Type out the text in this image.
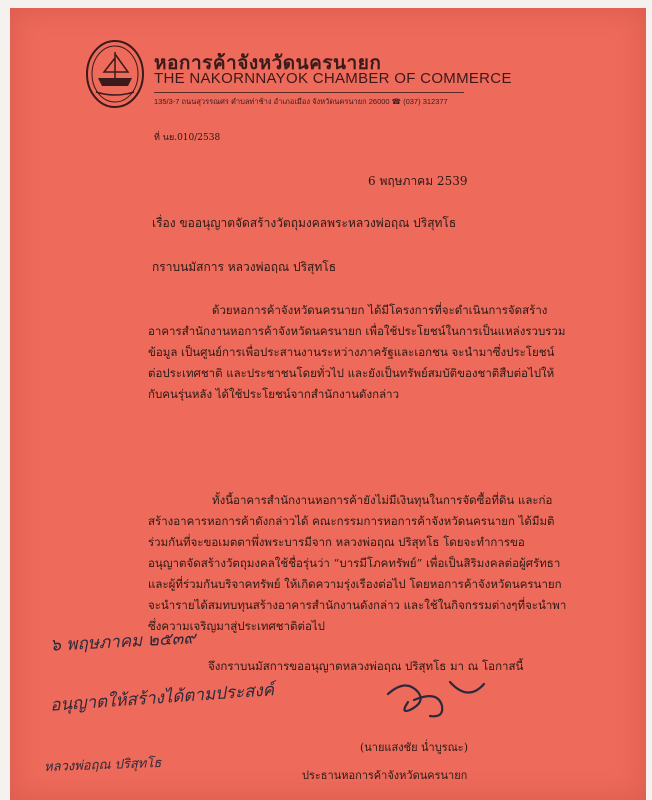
หอการค้าจังหวัดนครนายก
THE NAKORNNAYOK CHAMBER OF COMMERCE
135/3-7 ถนนสุวรรณศร ตำบลท่าช้าง อำเภอเมือง จังหวัดนครนายก 26000 ☎ (037) 312377
ที่ นย.010/2538
6 พฤษภาคม 2539
เรื่อง ขออนุญาตจัดสร้างวัตถุมงคลพระหลวงพ่อฤณ ปริสุทโธ
กราบนมัสการ หลวงพ่อฤณ ปริสุทโธ

ด้วยหอการค้าจังหวัดนครนายก ได้มีโครงการที่จะดำเนินการจัดสร้าง
อาคารสำนักงานหอการค้าจังหวัดนครนายก เพื่อใช้ประโยชน์ในการเป็นแหล่งรวบรวม
ข้อมูล เป็นศูนย์การเพื่อประสานงานระหว่างภาครัฐและเอกชน จะนำมาซึ่งประโยชน์
ต่อประเทศชาติ และประชาชนโดยทั่วไป และยังเป็นทรัพย์สมบัติของชาติสืบต่อไปให้
กับคนรุ่นหลัง ได้ใช้ประโยชน์จากสำนักงานดังกล่าว

ทั้งนี้อาคารสำนักงานหอการค้ายังไม่มีเงินทุนในการจัดซื้อที่ดิน และก่อ
สร้างอาคารหอการค้าดังกล่าวได้ คณะกรรมการหอการค้าจังหวัดนครนายก ได้มีมติ
ร่วมกันที่จะขอเมตตาพึ่งพระบารมีจาก หลวงพ่อฤณ ปริสุทโธ โดยจะทำการขอ
อนุญาตจัดสร้างวัตถุมงคลใช้ชื่อรุ่นว่า “บารมีโภคทรัพย์” เพื่อเป็นสิริมงคลต่อผู้ศรัทธา
และผู้ที่ร่วมกันบริจาคทรัพย์ ให้เกิดความรุ่งเรืองต่อไป โดยหอการค้าจังหวัดนครนายก
จะนำรายได้สมทบทุนสร้างอาคารสำนักงานดังกล่าว และใช้ในกิจกรรมต่างๆที่จะนำพา
ซึ่งความเจริญมาสู่ประเทศชาติต่อไป

จึงกราบนมัสการขออนุญาตหลวงพ่อฤณ ปริสุทโธ มา ณ โอกาสนี้
๖ พฤษภาคม ๒๕๓๙
อนุญาตให้สร้างได้ตามประสงค์
หลวงพ่อฤณ ปริสุทโธ
(นายแสงชัย น่ำบูรณะ)
ประธานหอการค้าจังหวัดนครนายก
